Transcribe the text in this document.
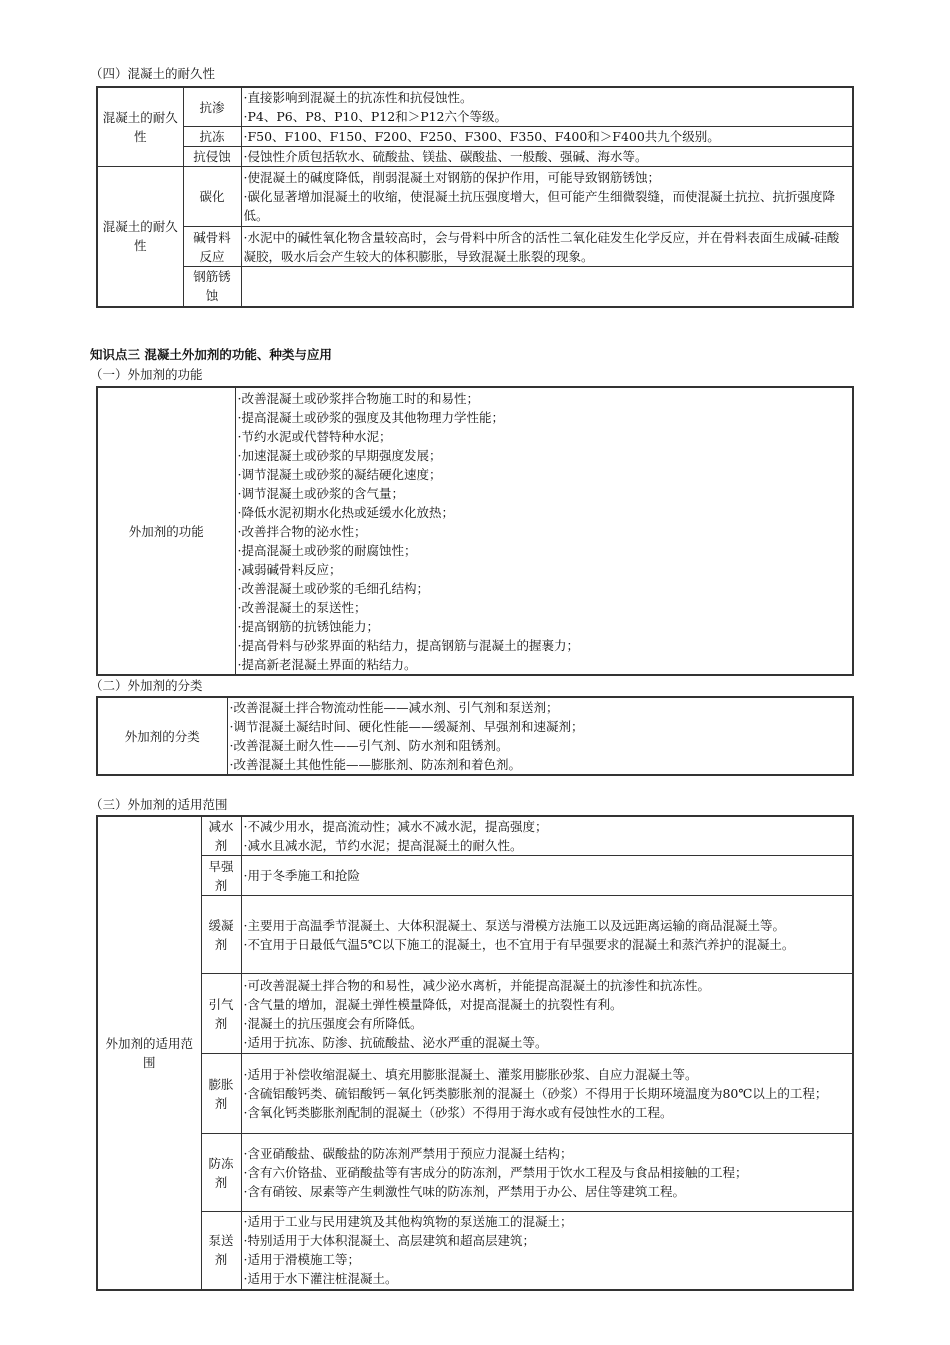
（四）混凝土的耐久性
混凝土的耐久性	抗渗	·直接影响到混凝土的抗冻性和抗侵蚀性。
·P4、P6、P8、P10、P12和＞P12六个等级。

	抗冻	·F50、F100、F150、F200、F250、F300、F350、F400和＞F400共九个级别。

	抗侵蚀	·侵蚀性介质包括软水、硫酸盐、镁盐、碳酸盐、一般酸、强碱、海水等。

混凝土的耐久性	碳化	·使混凝土的碱度降低，削弱混凝土对钢筋的保护作用，可能导致钢筋锈蚀；
·碳化显著增加混凝土的收缩，使混凝土抗压强度增大，但可能产生细微裂缝，而使混凝土抗拉、抗折强度降低。

	碱骨料反应	·水泥中的碱性氧化物含量较高时，会与骨料中所含的活性二氧化硅发生化学反应，并在骨料表面生成碱-硅酸凝胶，吸水后会产生较大的体积膨胀，导致混凝土胀裂的现象。

	钢筋锈蚀	
知识点三 混凝土外加剂的功能、种类与应用
（一）外加剂的功能
外加剂的功能	
·改善混凝土或砂浆拌合物施工时的和易性；
·提高混凝土或砂浆的强度及其他物理力学性能；
·节约水泥或代替特种水泥；
·加速混凝土或砂浆的早期强度发展；
·调节混凝土或砂浆的凝结硬化速度；
·调节混凝土或砂浆的含气量；
·降低水泥初期水化热或延缓水化放热；
·改善拌合物的泌水性；
·提高混凝土或砂浆的耐腐蚀性；
·减弱碱骨料反应；
·改善混凝土或砂浆的毛细孔结构；
·改善混凝土的泵送性；
·提高钢筋的抗锈蚀能力；
·提高骨料与砂浆界面的粘结力，提高钢筋与混凝土的握裹力；
·提高新老混凝土界面的粘结力。
（二）外加剂的分类
外加剂的分类	
·改善混凝土拌合物流动性能——减水剂、引气剂和泵送剂；
·调节混凝土凝结时间、硬化性能——缓凝剂、早强剂和速凝剂；
·改善混凝土耐久性——引气剂、防水剂和阻锈剂。
·改善混凝土其他性能——膨胀剂、防冻剂和着色剂。
（三）外加剂的适用范围
外加剂的适用范围	减水剂	·不减少用水，提高流动性；减水不减水泥，提高强度；
·减水且减水泥，节约水泥；提高混凝土的耐久性。

	早强剂	·用于冬季施工和抢险

	缓凝剂	·主要用于高温季节混凝土、大体积混凝土、泵送与滑模方法施工以及远距离运输的商品混凝土等。
·不宜用于日最低气温5℃以下施工的混凝土，也不宜用于有早强要求的混凝土和蒸汽养护的混凝土。

	引气剂	·可改善混凝土拌合物的和易性，减少泌水离析，并能提高混凝土的抗渗性和抗冻性。
·含气量的增加，混凝土弹性模量降低，对提高混凝土的抗裂性有利。
·混凝土的抗压强度会有所降低。
·适用于抗冻、防渗、抗硫酸盐、泌水严重的混凝土等。

	膨胀剂	·适用于补偿收缩混凝土、填充用膨胀混凝土、灌浆用膨胀砂浆、自应力混凝土等。
·含硫铝酸钙类、硫铝酸钙－氧化钙类膨胀剂的混凝土（砂浆）不得用于长期环境温度为80℃以上的工程；
·含氧化钙类膨胀剂配制的混凝土（砂浆）不得用于海水或有侵蚀性水的工程。

	防冻剂	·含亚硝酸盐、碳酸盐的防冻剂严禁用于预应力混凝土结构；
·含有六价铬盐、亚硝酸盐等有害成分的防冻剂，严禁用于饮水工程及与食品相接触的工程；
·含有硝铵、尿素等产生刺激性气味的防冻剂，严禁用于办公、居住等建筑工程。

	泵送剂	·适用于工业与民用建筑及其他构筑物的泵送施工的混凝土；
·特别适用于大体积混凝土、高层建筑和超高层建筑；
·适用于滑模施工等；
·适用于水下灌注桩混凝土。
